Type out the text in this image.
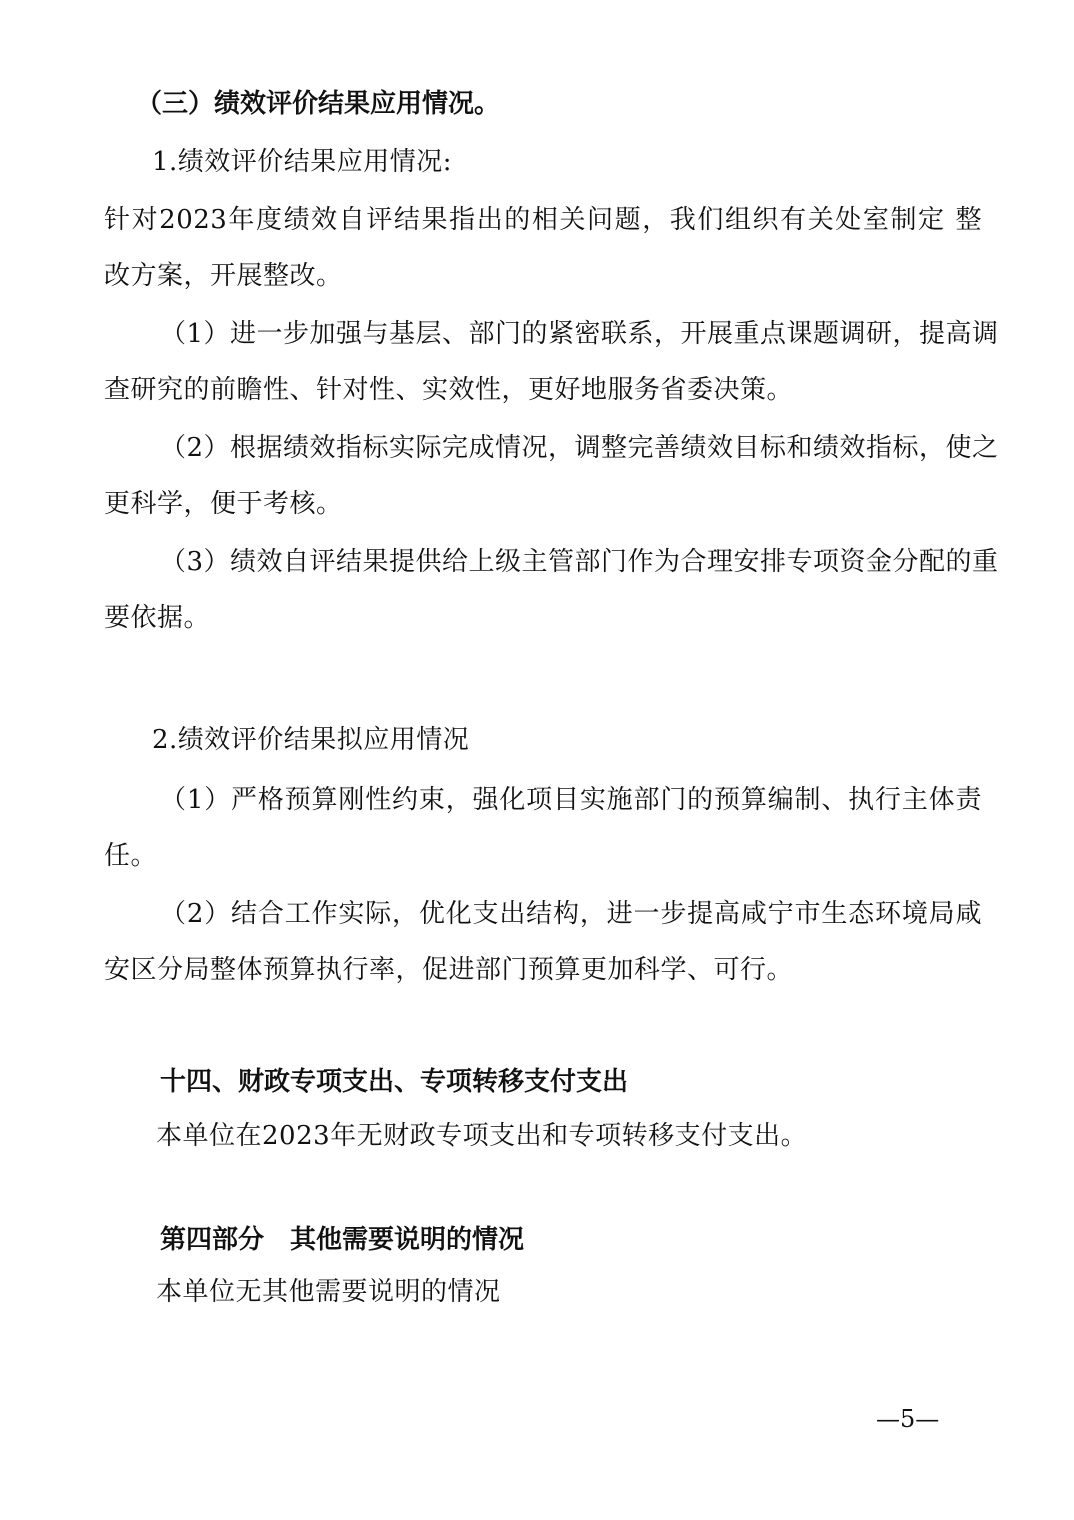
（三）绩效评价结果应用情况。
1.绩效评价结果应用情况:
针对2023年度绩效自评结果指出的相关问题，我们组织有关处室制定 整
改方案，开展整改。
（1）进一步加强与基层、部门的紧密联系，开展重点课题调研，提高调
查研究的前瞻性、针对性、实效性，更好地服务省委决策。
（2）根据绩效指标实际完成情况，调整完善绩效目标和绩效指标，使之
更科学，便于考核。
（3）绩效自评结果提供给上级主管部门作为合理安排专项资金分配的重
要依据。
2.绩效评价结果拟应用情况
（1）严格预算刚性约束，强化项目实施部门的预算编制、执行主体责
任。
（2）结合工作实际，优化支出结构，进一步提高咸宁市生态环境局咸
安区分局整体预算执行率，促进部门预算更加科学、可行。
十四、财政专项支出、专项转移支付支出
本单位在2023年无财政专项支出和专项转移支付支出。
第四部分　其他需要说明的情况
本单位无其他需要说明的情况
—5—
